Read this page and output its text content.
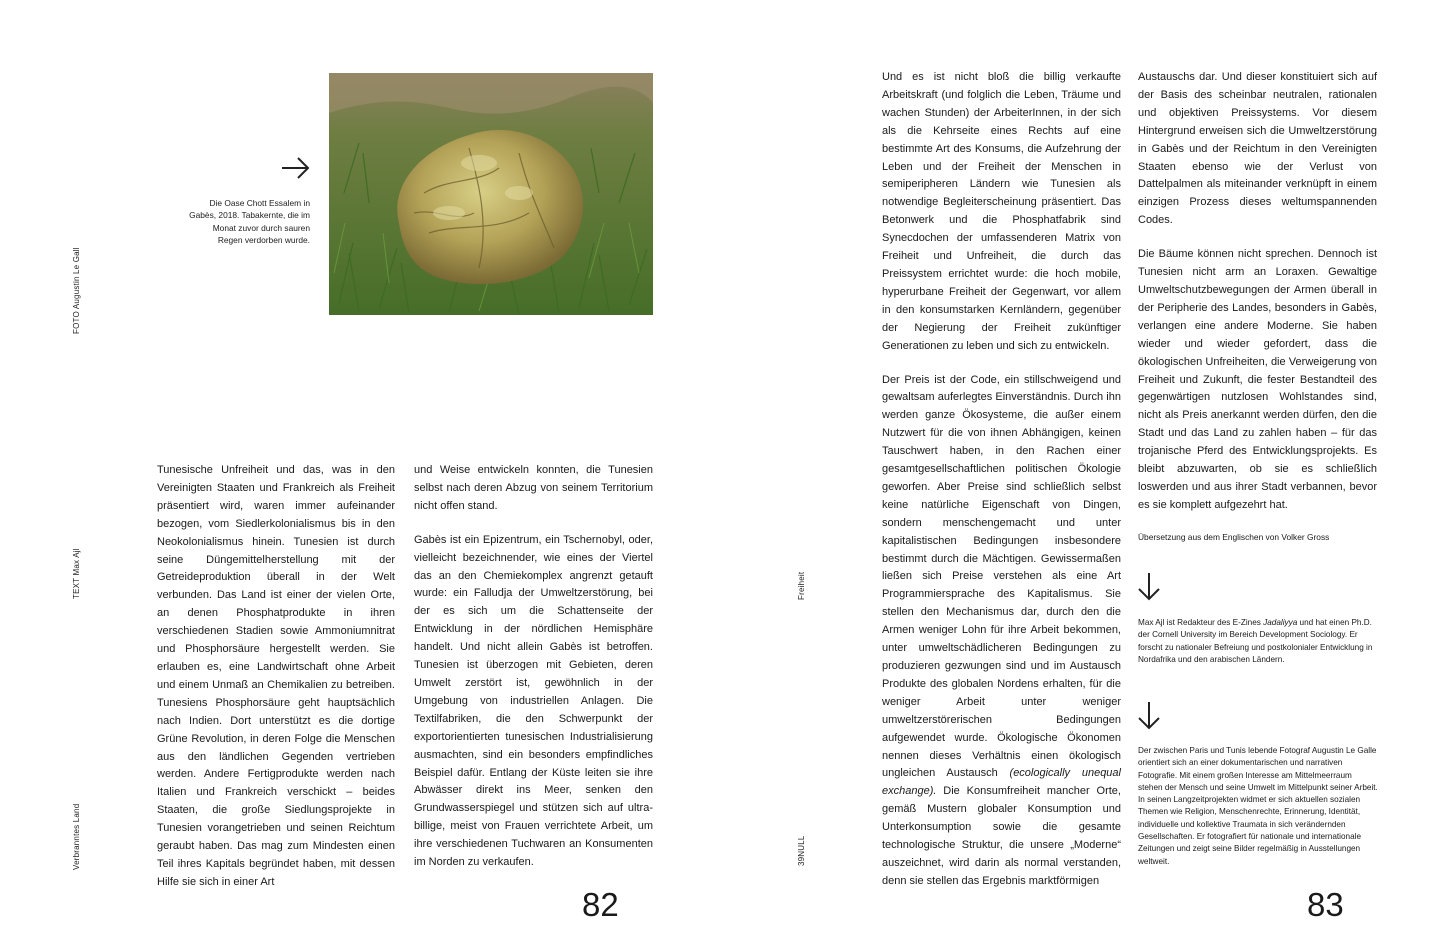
FOTO Augustin Le Gall
TEXT Max Ajl
Verbranntes Land
Die Oase Chott Essalem in Gabès, 2018. Tabakernte, die im Monat zuvor durch sauren Regen verdorben wurde.

Tunesische Unfreiheit und das, was in den Vereinigten Staaten und Frankreich als Freiheit präsentiert wird, waren immer aufeinander bezogen, vom Siedlerkolonialismus bis in den Neokolonialismus hinein. Tunesien ist durch seine Düngemittelherstellung mit der Getreideproduktion überall in der Welt verbunden. Das Land ist einer der vielen Orte, an denen Phosphatprodukte in ihren verschiedenen Stadien sowie Ammoniumnitrat und Phosphorsäure hergestellt werden. Sie erlauben es, eine Landwirtschaft ohne Arbeit und einem Unmaß an Chemikalien zu betreiben. Tunesiens Phosphorsäure geht hauptsächlich nach Indien. Dort unterstützt es die dortige Grüne Revolution, in deren Folge die Menschen aus den ländlichen Gegenden vertrieben werden. Andere Fertigprodukte werden nach Italien und Frankreich verschickt – beides Staaten, die große Siedlungsprojekte in Tunesien vorangetrieben und seinen Reichtum geraubt haben. Das mag zum Mindesten einen Teil ihres Kapitals begründet haben, mit dessen Hilfe sie sich in einer Art

und Weise entwickeln konnten, die Tunesien selbst nach deren Abzug von seinem Territorium nicht offen stand.

Gabès ist ein Epizentrum, ein Tschernobyl, oder, vielleicht bezeichnender, wie eines der Viertel das an den Chemiekomplex angrenzt getauft wurde: ein Falludja der Umweltzerstörung, bei der es sich um die Schattenseite der Entwicklung in der nördlichen Hemisphäre handelt. Und nicht allein Gabès ist betroffen. Tunesien ist überzogen mit Gebieten, deren Umwelt zerstört ist, gewöhnlich in der Umgebung von industriellen Anlagen. Die Textilfabriken, die den Schwerpunkt der exportorientierten tunesischen Industrialisierung ausmachten, sind ein besonders empfindliches Beispiel dafür. Entlang der Küste leiten sie ihre Abwässer direkt ins Meer, senken den Grundwasserspiegel und stützen sich auf ultra-billige, meist von Frauen verrichtete Arbeit, um ihre verschiedenen Tuchwaren an Konsumenten im Norden zu verkaufen.

82
Freiheit
39NULL

Und es ist nicht bloß die billig verkaufte Arbeitskraft (und folglich die Leben, Träume und wachen Stunden) der ArbeiterInnen, in der sich als die Kehrseite eines Rechts auf eine bestimmte Art des Konsums, die Aufzehrung der Leben und der Freiheit der Menschen in semiperipheren Ländern wie Tunesien als notwendige Begleiterscheinung präsentiert. Das Betonwerk und die Phosphatfabrik sind Synecdochen der umfassenderen Matrix von Freiheit und Unfreiheit, die durch das Preissystem errichtet wurde: die hoch mobile, hyperurbane Freiheit der Gegenwart, vor allem in den konsumstarken Kernländern, gegenüber der Negierung der Freiheit zukünftiger Generationen zu leben und sich zu entwickeln.

Der Preis ist der Code, ein stillschweigend und gewaltsam auferlegtes Einverständnis. Durch ihn werden ganze Ökosysteme, die außer einem Nutzwert für die von ihnen Abhängigen, keinen Tauschwert haben, in den Rachen einer gesamtgesellschaftlichen politischen Ökologie geworfen. Aber Preise sind schließlich selbst keine natürliche Eigenschaft von Dingen, sondern menschengemacht und unter kapitalistischen Bedingungen insbesondere bestimmt durch die Mächtigen. Gewissermaßen ließen sich Preise verstehen als eine Art Programmiersprache des Kapitalismus. Sie stellen den Mechanismus dar, durch den die Armen weniger Lohn für ihre Arbeit bekommen, unter umweltschädlicheren Bedingungen zu produzieren gezwungen sind und im Austausch Produkte des globalen Nordens erhalten, für die weniger Arbeit unter weniger umweltzerstörerischen Bedingungen aufgewendet wurde. Ökologische Ökonomen nennen dieses Verhältnis einen ökologisch ungleichen Austausch (ecologically unequal exchange). Die Konsumfreiheit mancher Orte, gemäß Mustern globaler Konsumption und Unterkonsumption sowie die gesamte technologische Struktur, die unsere „Moderne“ auszeichnet, wird darin als normal verstanden, denn sie stellen das Ergebnis marktförmigen

Austauschs dar. Und dieser konstituiert sich auf der Basis des scheinbar neutralen, rationalen und objektiven Preissystems. Vor diesem Hintergrund erweisen sich die Umweltzerstörung in Gabès und der Reichtum in den Vereinigten Staaten ebenso wie der Verlust von Dattelpalmen als miteinander verknüpft in einem einzigen Prozess dieses weltumspannenden Codes.

Die Bäume können nicht sprechen. Dennoch ist Tunesien nicht arm an Loraxen. Gewaltige Umweltschutzbewegungen der Armen überall in der Peripherie des Landes, besonders in Gabès, verlangen eine andere Moderne. Sie haben wieder und wieder gefordert, dass die ökologischen Unfreiheiten, die Verweigerung von Freiheit und Zukunft, die fester Bestandteil des gegenwärtigen nutzlosen Wohlstandes sind, nicht als Preis anerkannt werden dürfen, den die Stadt und das Land zu zahlen haben – für das trojanische Pferd des Entwicklungsprojekts. Es bleibt abzuwarten, ob sie es schließlich loswerden und aus ihrer Stadt verbannen, bevor es sie komplett aufgezehrt hat.

Übersetzung aus dem Englischen von Volker Gross

Max Ajl ist Redakteur des E-Zines Jadaliyya und hat einen Ph.D. der Cornell University im Bereich Development Sociology. Er forscht zu nationaler Befreiung und postkolonialer Entwicklung in Nordafrika und den arabischen Ländern.
Der zwischen Paris und Tunis lebende Fotograf Augustin Le Galle orientiert sich an einer dokumentarischen und narrativen Fotografie. Mit einem großen Interesse am Mittelmeerraum stehen der Mensch und seine Umwelt im Mittelpunkt seiner Arbeit. In seinen Langzeitprojekten widmet er sich aktuellen sozialen Themen wie Religion, Menschenrechte, Erinnerung, Identität, individuelle und kollektive Traumata in sich verändernden Gesellschaften. Er fotografiert für nationale und internationale Zeitungen und zeigt seine Bilder regelmäßig in Ausstellungen weltweit.
83
